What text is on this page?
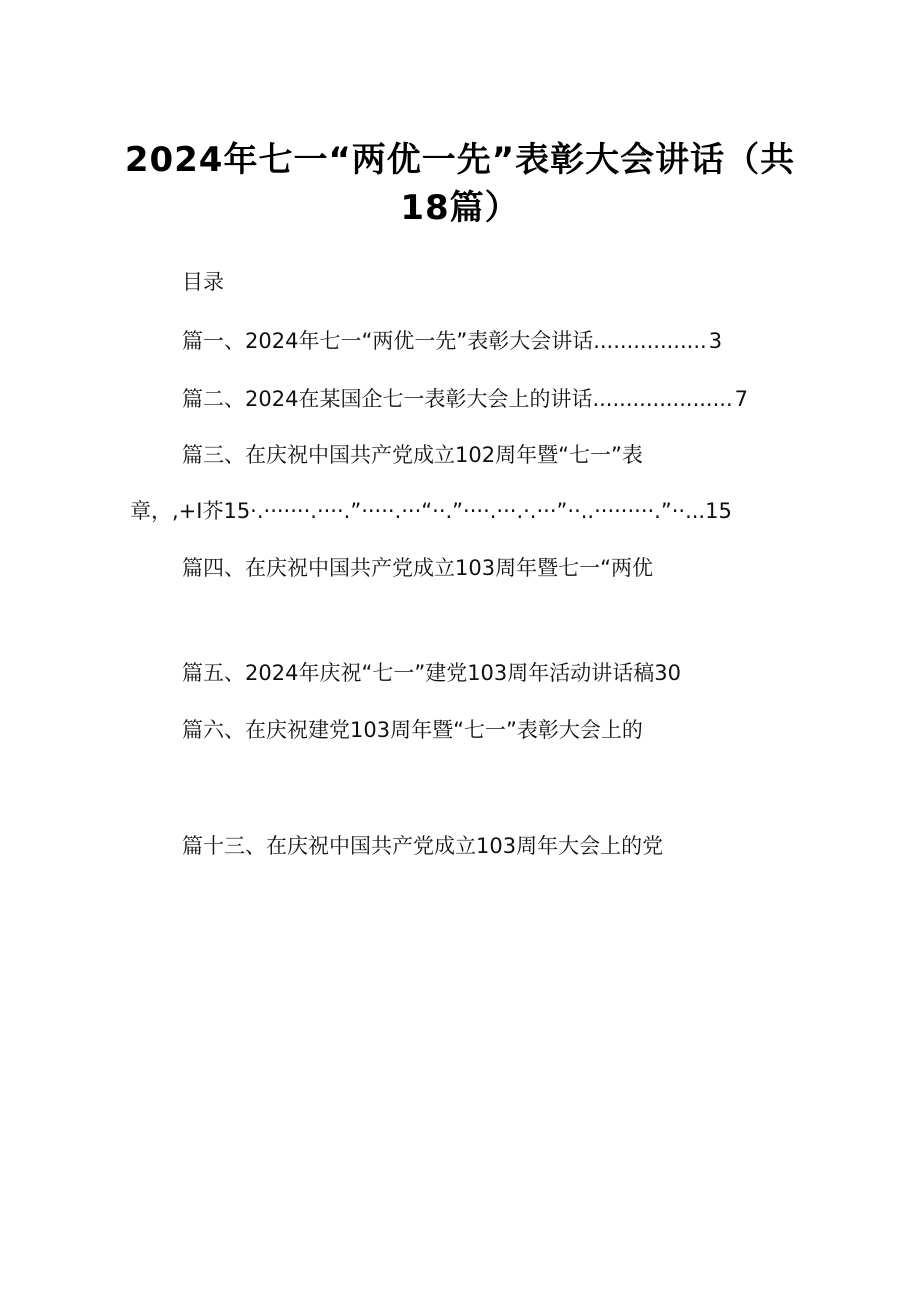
2024年七一“两优一先”表彰大会讲话（共
18篇）
目录
篇一、2024年七一“两优一先”表彰大会讲话 ................. 3
篇二、2024在某国企七一表彰大会上的讲话 ..................... 7
篇三、在庆祝中国共产党成立102周年暨“七一”表
章，,+I芥15·.·······.····.”·····.···“··.”····.···.·.···”··..·········.”··...15
篇四、在庆祝中国共产党成立103周年暨七一“两优
篇五、2024年庆祝“七一”建党103周年活动讲话稿30
篇六、在庆祝建党103周年暨“七一”表彰大会上的
篇十三、在庆祝中国共产党成立103周年大会上的党
